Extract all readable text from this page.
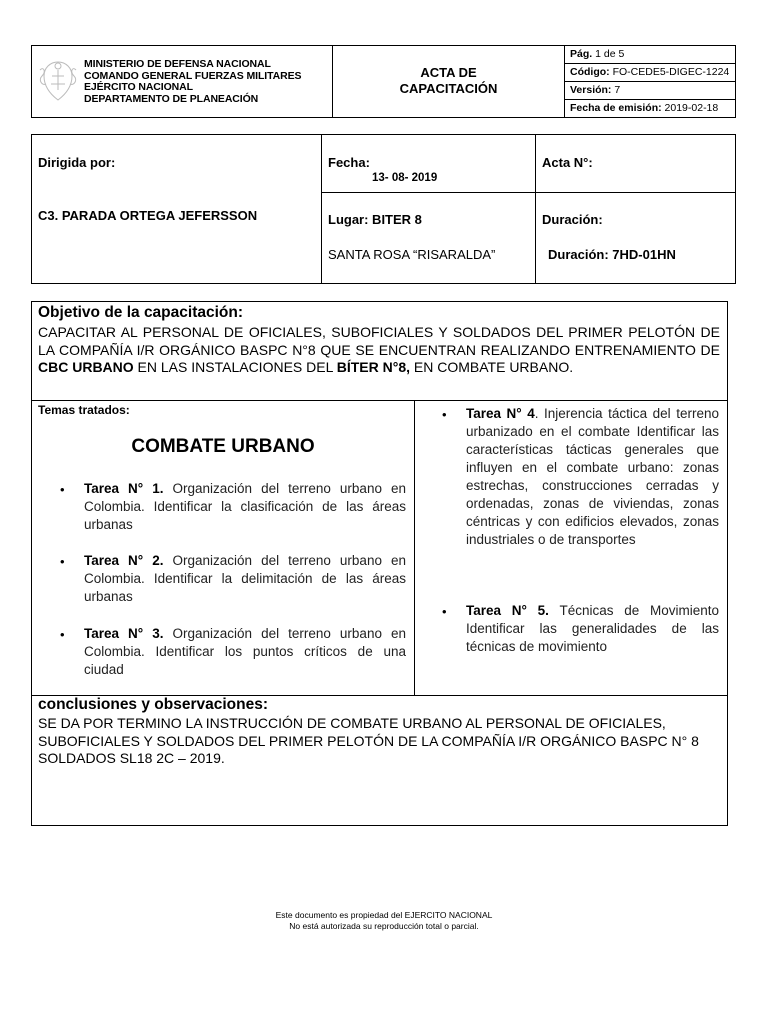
MINISTERIO DE DEFENSA NACIONAL
COMANDO GENERAL FUERZAS MILITARES
EJÉRCITO NACIONAL
DEPARTAMENTO DE PLANEACIÓN
ACTA DE
CAPACITACIÓN
Pág. 1 de 5
Código: FO-CEDE5-DIGEC-1224
Versión: 7
Fecha de emisión: 2019-02-18
Dirigida por:
C3. PARADA ORTEGA JEFERSSON
Fecha:
13- 08- 2019
Lugar: BITER 8
SANTA ROSA “RISARALDA”
Acta N°:
Duración:
Duración: 7HD-01HN
Objetivo de la capacitación:
CAPACITAR AL PERSONAL DE OFICIALES, SUBOFICIALES Y SOLDADOS DEL PRIMER PELOTÓN DE LA COMPAÑÍA I/R ORGÁNICO BASPC N°8 QUE SE ENCUENTRAN REALIZANDO ENTRENAMIENTO DE CBC URBANO EN LAS INSTALACIONES DEL BÍTER N°8, EN COMBATE URBANO.
Temas tratados:
COMBATE URBANO
• Tarea N° 1. Organización del terreno urbano en Colombia. Identificar la clasificación de las áreas urbanas
• Tarea N° 2. Organización del terreno urbano en Colombia. Identificar la delimitación de las áreas urbanas
• Tarea N° 3. Organización del terreno urbano en Colombia. Identificar los puntos críticos de una ciudad
• Tarea N° 4. Injerencia táctica del terreno urbanizado en el combate Identificar las características tácticas generales que influyen en el combate urbano: zonas estrechas, construcciones cerradas y ordenadas, zonas de viviendas, zonas céntricas y con edificios elevados, zonas industriales o de transportes
• Tarea N° 5. Técnicas de Movimiento Identificar las generalidades de las técnicas de movimiento
conclusiones y observaciones:
SE DA POR TERMINO LA INSTRUCCIÓN DE COMBATE URBANO AL PERSONAL DE OFICIALES, SUBOFICIALES Y SOLDADOS DEL PRIMER PELOTÓN DE LA COMPAÑÍA I/R ORGÁNICO BASPC N° 8 SOLDADOS SL18 2C – 2019.
Este documento es propiedad del EJERCITO NACIONAL
No está autorizada su reproducción total o parcial.
